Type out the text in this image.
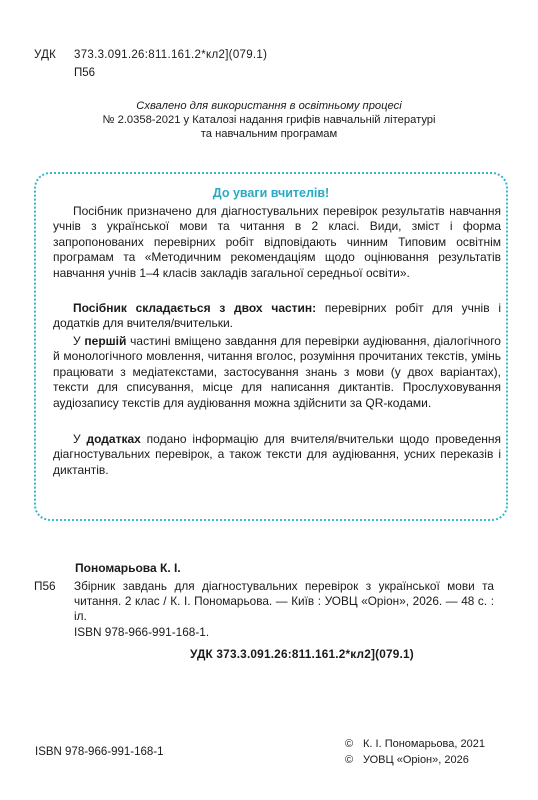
УДК 373.3.091.26:811.161.2*кл2](079.1)
П56
Схвалено для використання в освітньому процесі
№ 2.0358-2021 у Каталозі надання грифів навчальній літературі
та навчальним програмам
До уваги вчителів!

Посібник призначено для діагностувальних перевірок результатів навчання учнів з української мови та читання в 2 класі. Види, зміст і форма запропонованих перевірних робіт відповідають чинним Типовим освітнім програмам та «Методичним рекомендаціям щодо оцінювання результатів навчання учнів 1–4 класів закладів загальної середньої освіти».

Посібник складається з двох частин: перевірних робіт для учнів і додатків для вчителя/вчительки.

У першій частині вміщено завдання для перевірки аудіювання, діалогічного й монологічного мовлення, читання вголос, розуміння прочитаних текстів, умінь працювати з медіатекстами, застосування знань з мови (у двох варіантах), тексти для списування, місце для написання диктантів. Прослуховування аудіозапису текстів для аудіювання можна здійснити за QR-кодами.

У додатках подано інформацію для вчителя/вчительки щодо проведення діагностувальних перевірок, а також тексти для аудіювання, усних переказів і диктантів.

Пономарьова К. І.
П56 Збірник завдань для діагностувальних перевірок з української мови та читання. 2 клас / К. І. Пономарьова. — Київ : УОВЦ «Оріон», 2026. — 48 с. : іл.
ISBN 978-966-991-168-1.
УДК 373.3.091.26:811.161.2*кл2](079.1)
ISBN 978-966-991-168-1
© К. І. Пономарьова, 2021
© УОВЦ «Оріон», 2026
